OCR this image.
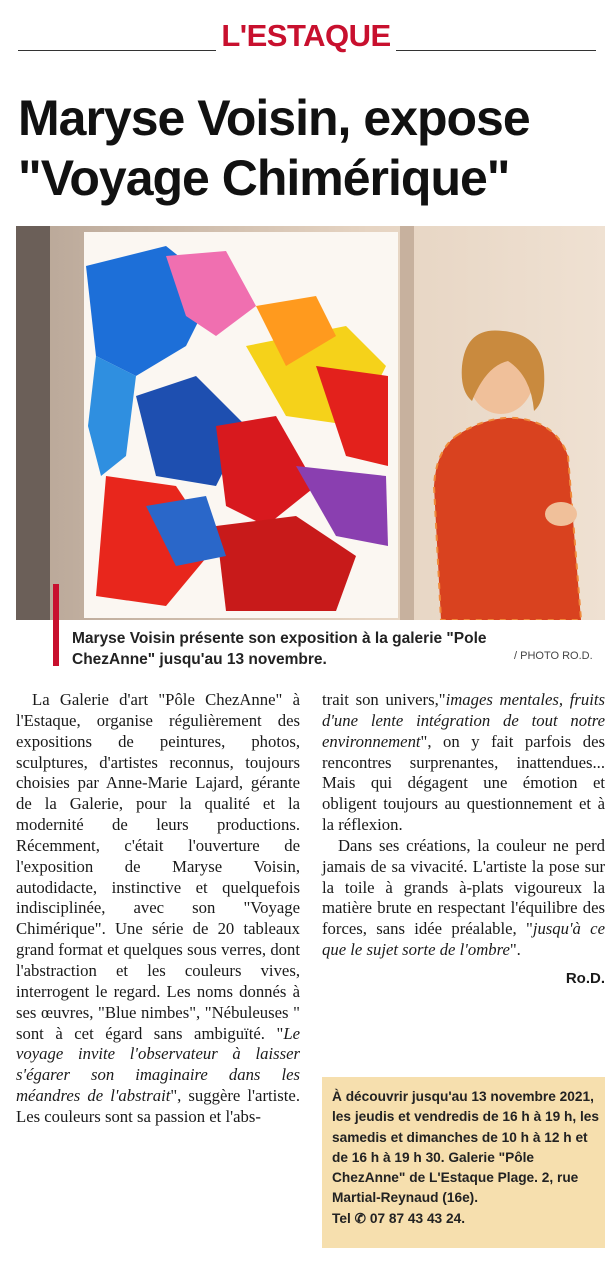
L'ESTAQUE
Maryse Voisin, expose
"Voyage Chimérique"
Maryse Voisin présente son exposition à la galerie "Pole ChezAnne" jusqu'au 13 novembre.	/ PHOTO RO.D.

La Galerie d'art "Pôle ChezAnne" à l'Estaque, organise régulièrement des expositions de peintures, photos, sculptures, d'artistes reconnus, toujours choisies par Anne-Marie Lajard, gérante de la Galerie, pour la qualité et la modernité de leurs productions. Récemment, c'était l'ouverture de l'exposition de Maryse Voisin, autodidacte, instinctive et quelquefois indisciplinée, avec son "Voyage Chimérique". Une série de 20 tableaux grand format et quelques sous verres, dont l'abstraction et les couleurs vives, interrogent le regard. Les noms donnés à ses œuvres, "Blue nimbes", "Nébuleuses " sont à cet égard sans ambiguïté. "Le voyage invite l'observateur à laisser s'égarer son imaginaire dans les méandres de l'abstrait", suggère l'artiste. Les couleurs sont sa passion et l'abs-

trait son univers,"images mentales, fruits d'une lente intégration de tout notre environnement", on y fait parfois des rencontres surprenantes, inattendues... Mais qui dégagent une émotion et obligent toujours au questionnement et à la réflexion.

Dans ses créations, la couleur ne perd jamais de sa vivacité. L'artiste la pose sur la toile à grands à-plats vigoureux la matière brute en respectant l'équilibre des forces, sans idée préalable, "jusqu'à ce que le sujet sorte de l'ombre".

Ro.D.
À découvrir jusqu'au 13 novembre 2021, les jeudis et vendredis de 16 h à 19 h, les samedis et dimanches de 10 h à 12 h et de 16 h à 19 h 30. Galerie "Pôle ChezAnne" de L'Estaque Plage. 2, rue Martial-Reynaud (16e).
Tel ✆ 07 87 43 43 24.
